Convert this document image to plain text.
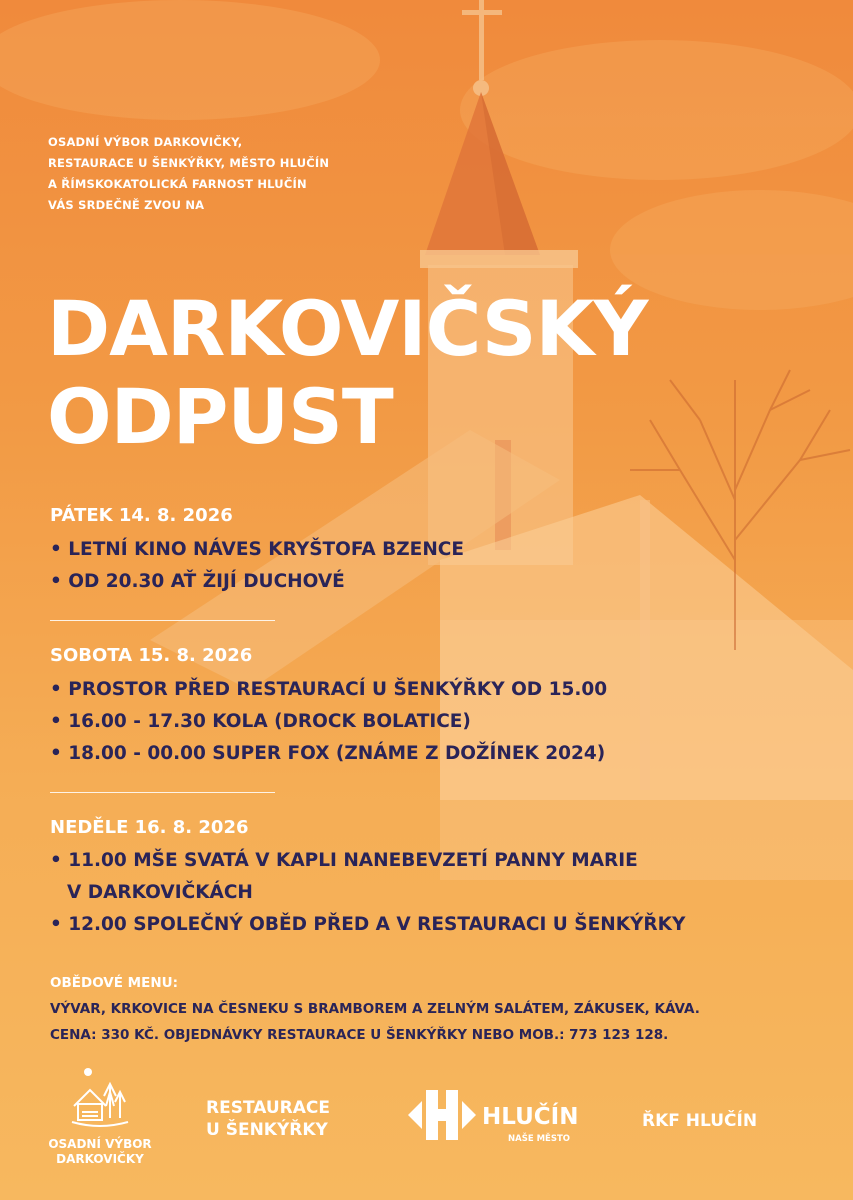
OSADNÍ VÝBOR DARKOVIČKY,
RESTAURACE U ŠENKÝŘKY, MĚSTO HLUČÍN
A ŘÍMSKOKATOLICKÁ FARNOST HLUČÍN
VÁS SRDEČNĚ ZVOU NA
DARKOVIČSKÝ
ODPUST
PÁTEK 14. 8. 2026
• LETNÍ KINO NÁVES KRYŠTOFA BZENCE
• OD 20.30 AŤ ŽIJÍ DUCHOVÉ
SOBOTA 15. 8. 2026
• PROSTOR PŘED RESTAURACÍ U ŠENKÝŘKY OD 15.00
• 16.00 - 17.30 KOLA (DROCK BOLATICE)
• 18.00 - 00.00 SUPER FOX (ZNÁME Z DOŽÍNEK 2024)
NEDĚLE 16. 8. 2026
• 11.00 MŠE SVATÁ V KAPLI NANEBEVZETÍ PANNY MARIE
V DARKOVIČKÁCH
• 12.00 SPOLEČNÝ OBĚD PŘED A V RESTAURACI U ŠENKÝŘKY
OBĚDOVÉ MENU:
VÝVAR, KRKOVICE NA ČESNEKU S BRAMBOREM A ZELNÝM SALÁTEM, ZÁKUSEK, KÁVA.
CENA: 330 KČ. OBJEDNÁVKY RESTAURACE U ŠENKÝŘKY NEBO MOB.: 773 123 128.
OSADNÍ VÝBOR
DARKOVIČKY
RESTAURACE
U ŠENKÝŘKY	HLUČÍN
NAŠE MĚSTO
ŘKF HLUČÍN
